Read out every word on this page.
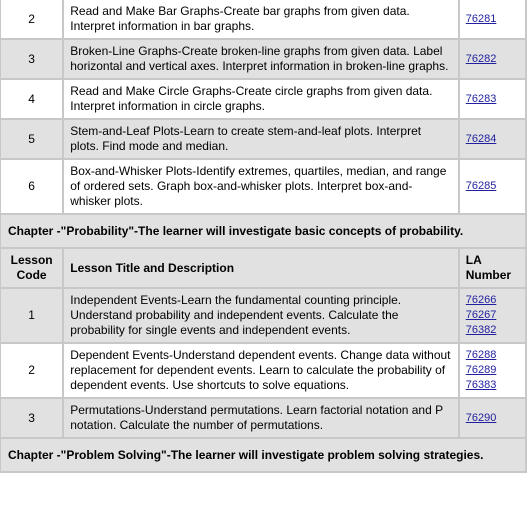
2	Read and Make Bar Graphs-Create bar graphs from given data. Interpret information in bar graphs.	76281

3	Broken-Line Graphs-Create broken-line graphs from given data. Label horizontal and vertical axes. Interpret information in broken-line graphs.	76282

4	Read and Make Circle Graphs-Create circle graphs from given data. Interpret information in circle graphs.	76283

5	Stem-and-Leaf Plots-Learn to create stem-and-leaf plots. Interpret plots. Find mode and median.	76284

6	Box-and-Whisker Plots-Identify extremes, quartiles, median, and range of ordered sets. Graph box-and-whisker plots. Interpret box-and-whisker plots.	76285

Chapter -"Probability"-The learner will investigate basic concepts of probability.		
Lesson Code	Lesson Title and Description	LA Number
1	Independent Events-Learn the fundamental counting principle. Understand probability and independent events. Calculate the probability for single events and independent events.	76266
76267
76382

2	Dependent Events-Understand dependent events. Change data without replacement for dependent events. Learn to calculate the probability of dependent events. Use shortcuts to solve equations.	76288
76289
76383

3	Permutations-Understand permutations. Learn factorial notation and P notation. Calculate the number of permutations.	76290

Chapter -"Problem Solving"-The learner will investigate problem solving strategies.		
